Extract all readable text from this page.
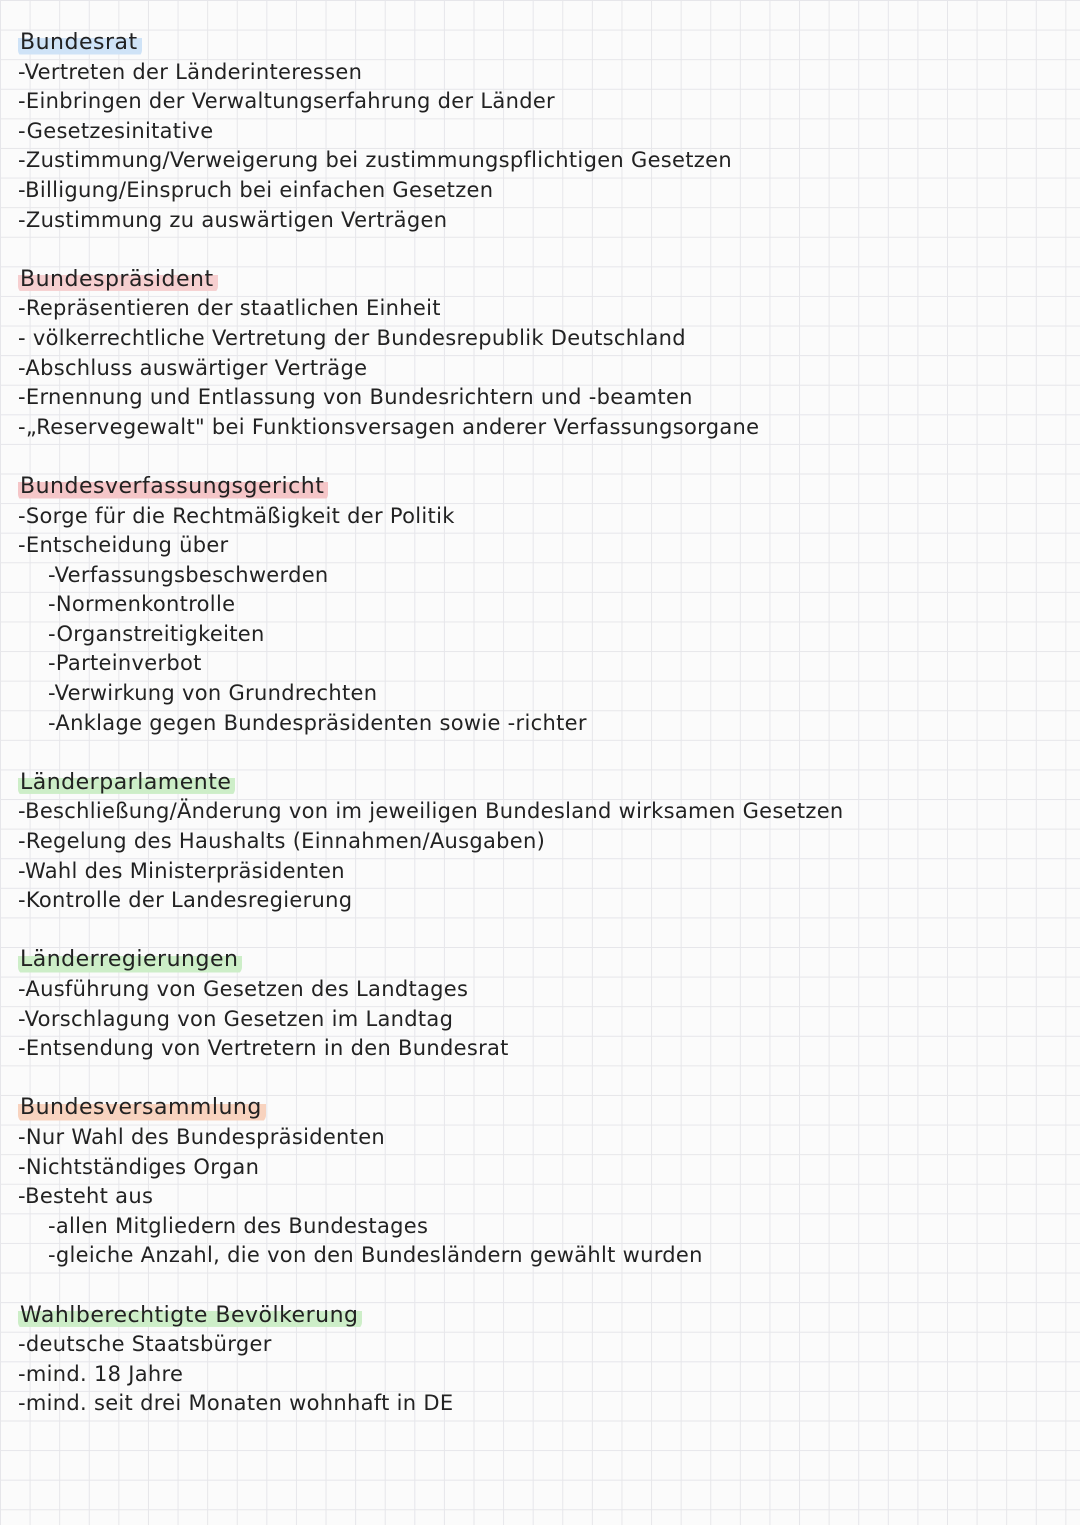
Bundesrat
-Vertreten der Länderinteressen
-Einbringen der Verwaltungserfahrung der Länder
-Gesetzesinitative
-Zustimmung/Verweigerung bei zustimmungspflichtigen Gesetzen
-Billigung/Einspruch bei einfachen Gesetzen
-Zustimmung zu auswärtigen Verträgen
Bundespräsident
-Repräsentieren der staatlichen Einheit
- völkerrechtliche Vertretung der Bundesrepublik Deutschland
-Abschluss auswärtiger Verträge
-Ernennung und Entlassung von Bundesrichtern und -beamten
-„Reservegewalt" bei Funktionsversagen anderer Verfassungsorgane
Bundesverfassungsgericht
-Sorge für die Rechtmäßigkeit der Politik
-Entscheidung über
-Verfassungsbeschwerden
-Normenkontrolle
-Organstreitigkeiten
-Parteinverbot
-Verwirkung von Grundrechten
-Anklage gegen Bundespräsidenten sowie -richter
Länderparlamente
-Beschließung/Änderung von im jeweiligen Bundesland wirksamen Gesetzen
-Regelung des Haushalts (Einnahmen/Ausgaben)
-Wahl des Ministerpräsidenten
-Kontrolle der Landesregierung
Länderregierungen
-Ausführung von Gesetzen des Landtages
-Vorschlagung von Gesetzen im Landtag
-Entsendung von Vertretern in den Bundesrat
Bundesversammlung
-Nur Wahl des Bundespräsidenten
-Nichtständiges Organ
-Besteht aus
-allen Mitgliedern des Bundestages
-gleiche Anzahl, die von den Bundesländern gewählt wurden
Wahlberechtigte Bevölkerung
-deutsche Staatsbürger
-mind. 18 Jahre
-mind. seit drei Monaten wohnhaft in DE
